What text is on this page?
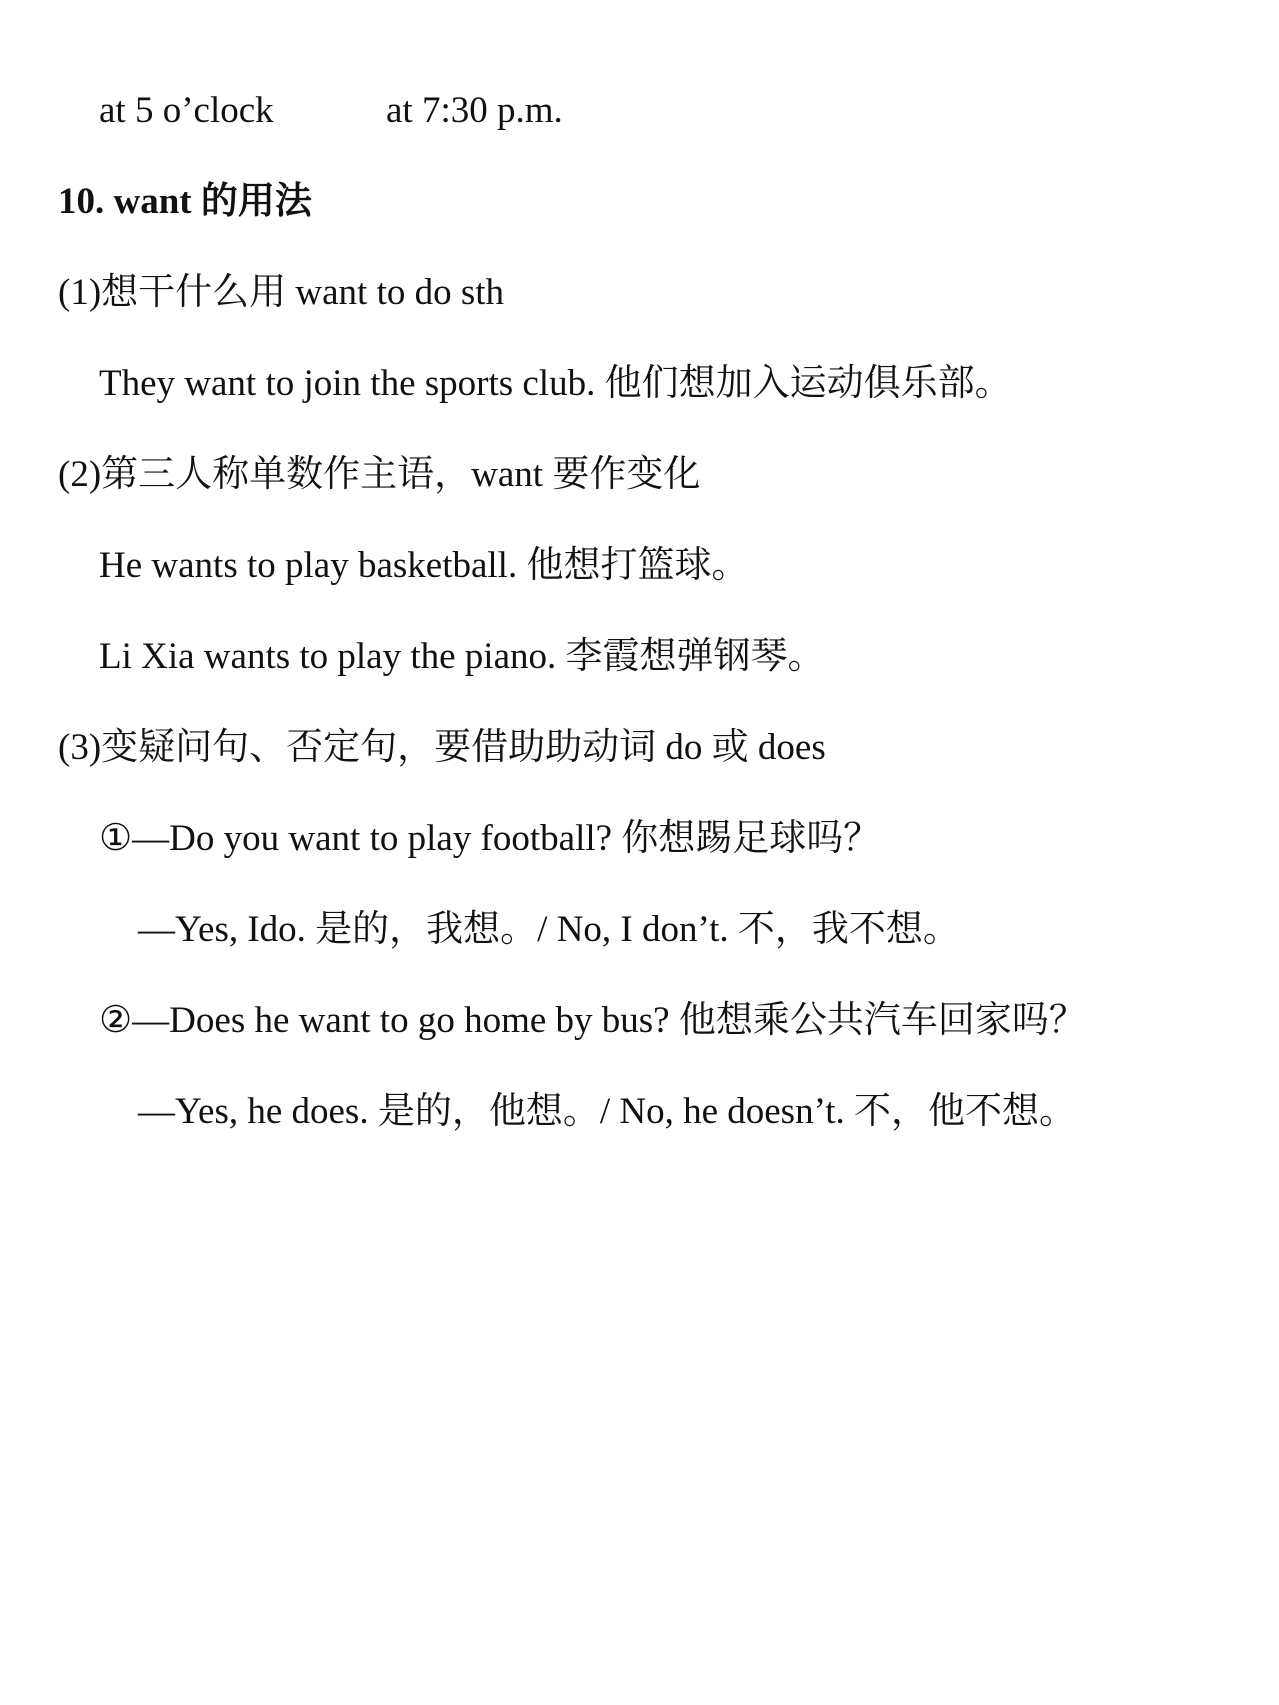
at 5 o’clock	at 7:30 p.m.
10. want 的用法
(1)想干什么用 want to do sth
They want to join the sports club. 他们想加入运动俱乐部。
(2)第三人称单数作主语，want 要作变化
He wants to play basketball. 他想打篮球。
Li Xia wants to play the piano. 李霞想弹钢琴。
(3)变疑问句、否定句，要借助助动词 do 或 does
①—Do you want to play football? 你想踢足球吗？
—Yes, Ido. 是的，我想。/ No, I don’t. 不，我不想。
②—Does he want to go home by bus? 他想乘公共汽车回家吗？
—Yes, he does. 是的，他想。/ No, he doesn’t. 不，他不想。
